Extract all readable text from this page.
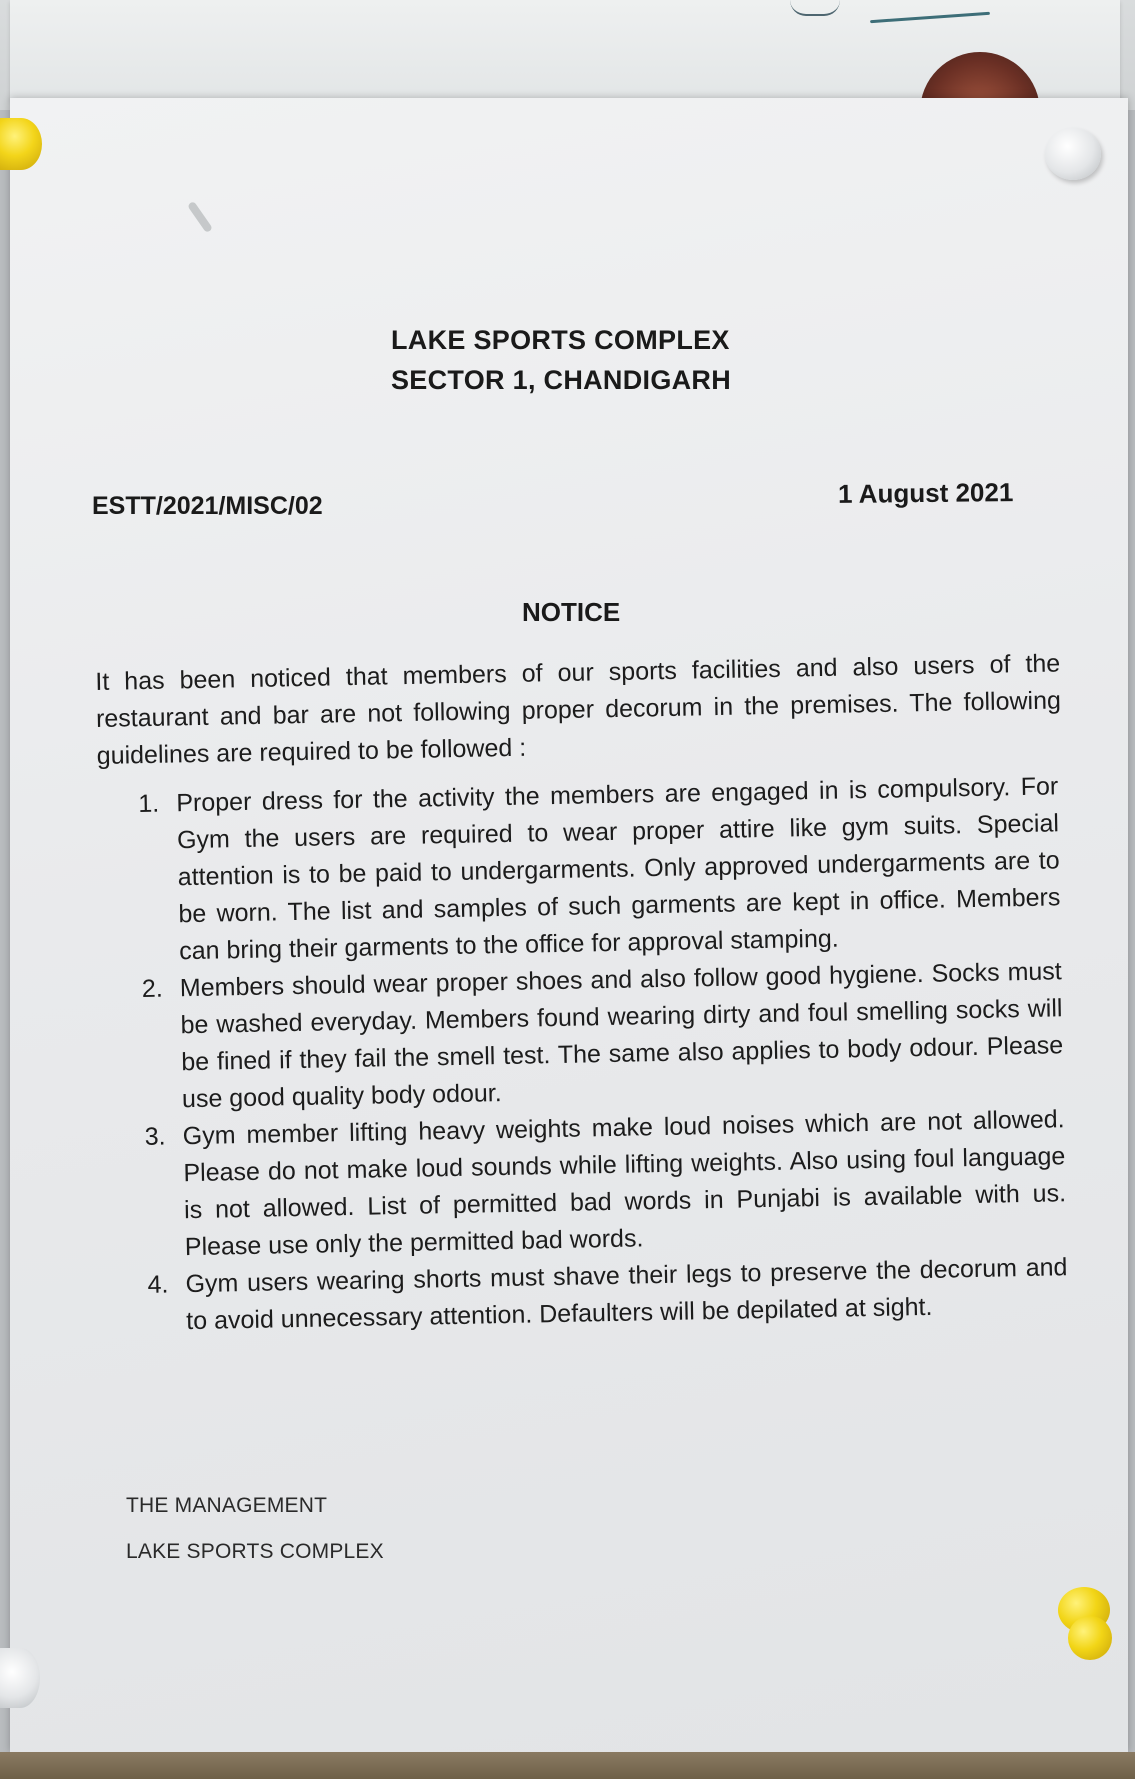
LAKE SPORTS COMPLEX
SECTOR 1, CHANDIGARH
ESTT/2021/MISC/02	1 August 2021
NOTICE
It has been noticed that members of our sports facilities and also users of the restaurant and bar are not following proper decorum in the premises. The following guidelines are required to be followed :
1. Proper dress for the activity the members are engaged in is compulsory. For Gym the users are required to wear proper attire like gym suits. Special attention is to be paid to undergarments. Only approved undergarments are to be worn. The list and samples of such garments are kept in office. Members can bring their garments to the office for approval stamping.
2. Members should wear proper shoes and also follow good hygiene. Socks must be washed everyday. Members found wearing dirty and foul smelling socks will be fined if they fail the smell test. The same also applies to body odour. Please use good quality body odour.
3. Gym member lifting heavy weights make loud noises which are not allowed. Please do not make loud sounds while lifting weights. Also using foul language is not allowed. List of permitted bad words in Punjabi is available with us. Please use only the permitted bad words.
4. Gym users wearing shorts must shave their legs to preserve the decorum and to avoid unnecessary attention. Defaulters will be depilated at sight.
THE MANAGEMENT
LAKE SPORTS COMPLEX
